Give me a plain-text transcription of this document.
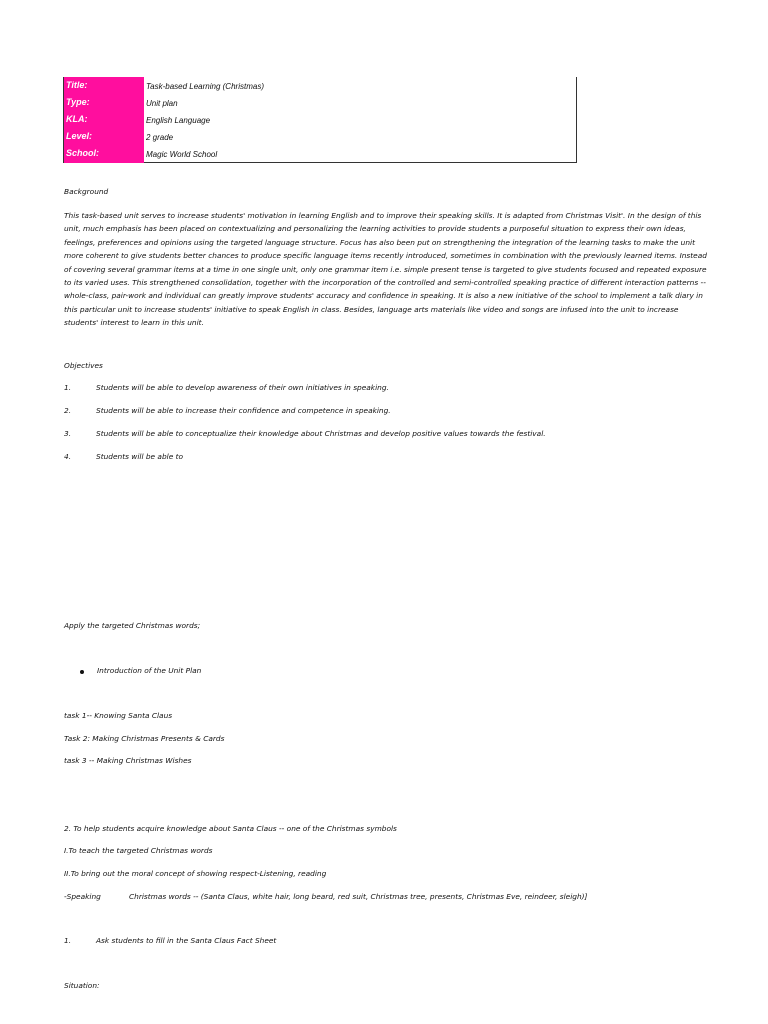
Title:	Task-based Learning (Christmas)
Type:	Unit plan
KLA:	English Language
Level:	2 grade
School:	Magic World School
Background
This task-based unit serves to increase students' motivation in learning English and to improve their speaking skills. It is adapted from Christmas Visit'. In the design of this
unit, much emphasis has been placed on contextualizing and personalizing the learning activities to provide students a purposeful situation to express their own ideas,
feelings, preferences and opinions using the targeted language structure. Focus has also been put on strengthening the integration of the learning tasks to make the unit
more coherent to give students better chances to produce specific language items recently introduced, sometimes in combination with the previously learned items. Instead
of covering several grammar items at a time in one single unit, only one grammar item i.e. simple present tense is targeted to give students focused and repeated exposure
to its varied uses. This strengthened consolidation, together with the incorporation of the controlled and semi-controlled speaking practice of different interaction patterns --
whole-class, pair-work and individual can greatly improve students' accuracy and confidence in speaking. It is also a new initiative of the school to implement a talk diary in
this particular unit to increase students' initiative to speak English in class. Besides, language arts materials like video and songs are infused into the unit to increase
students' interest to learn in this unit.
Objectives
1.	Students will be able to develop awareness of their own initiatives in speaking.
2.	Students will be able to increase their confidence and competence in speaking.
3.	Students will be able to conceptualize their knowledge about Christmas and develop positive values towards the festival.
4.	Students will be able to
Apply the targeted Christmas words;
Introduction of the Unit Plan
task 1-- Knowing Santa Claus
Task 2: Making Christmas Presents & Cards
task 3 -- Making Christmas Wishes
2. To help students acquire knowledge about Santa Claus -- one of the Christmas symbols
I.To teach the targeted Christmas words
II.To bring out the moral concept of showing respect-Listening, reading
-Speaking	Christmas words -- (Santa Claus, white hair, long beard, red suit, Christmas tree, presents, Christmas Eve, reindeer, sleigh)]
1.	Ask students to fill in the Santa Claus Fact Sheet
Situation:
